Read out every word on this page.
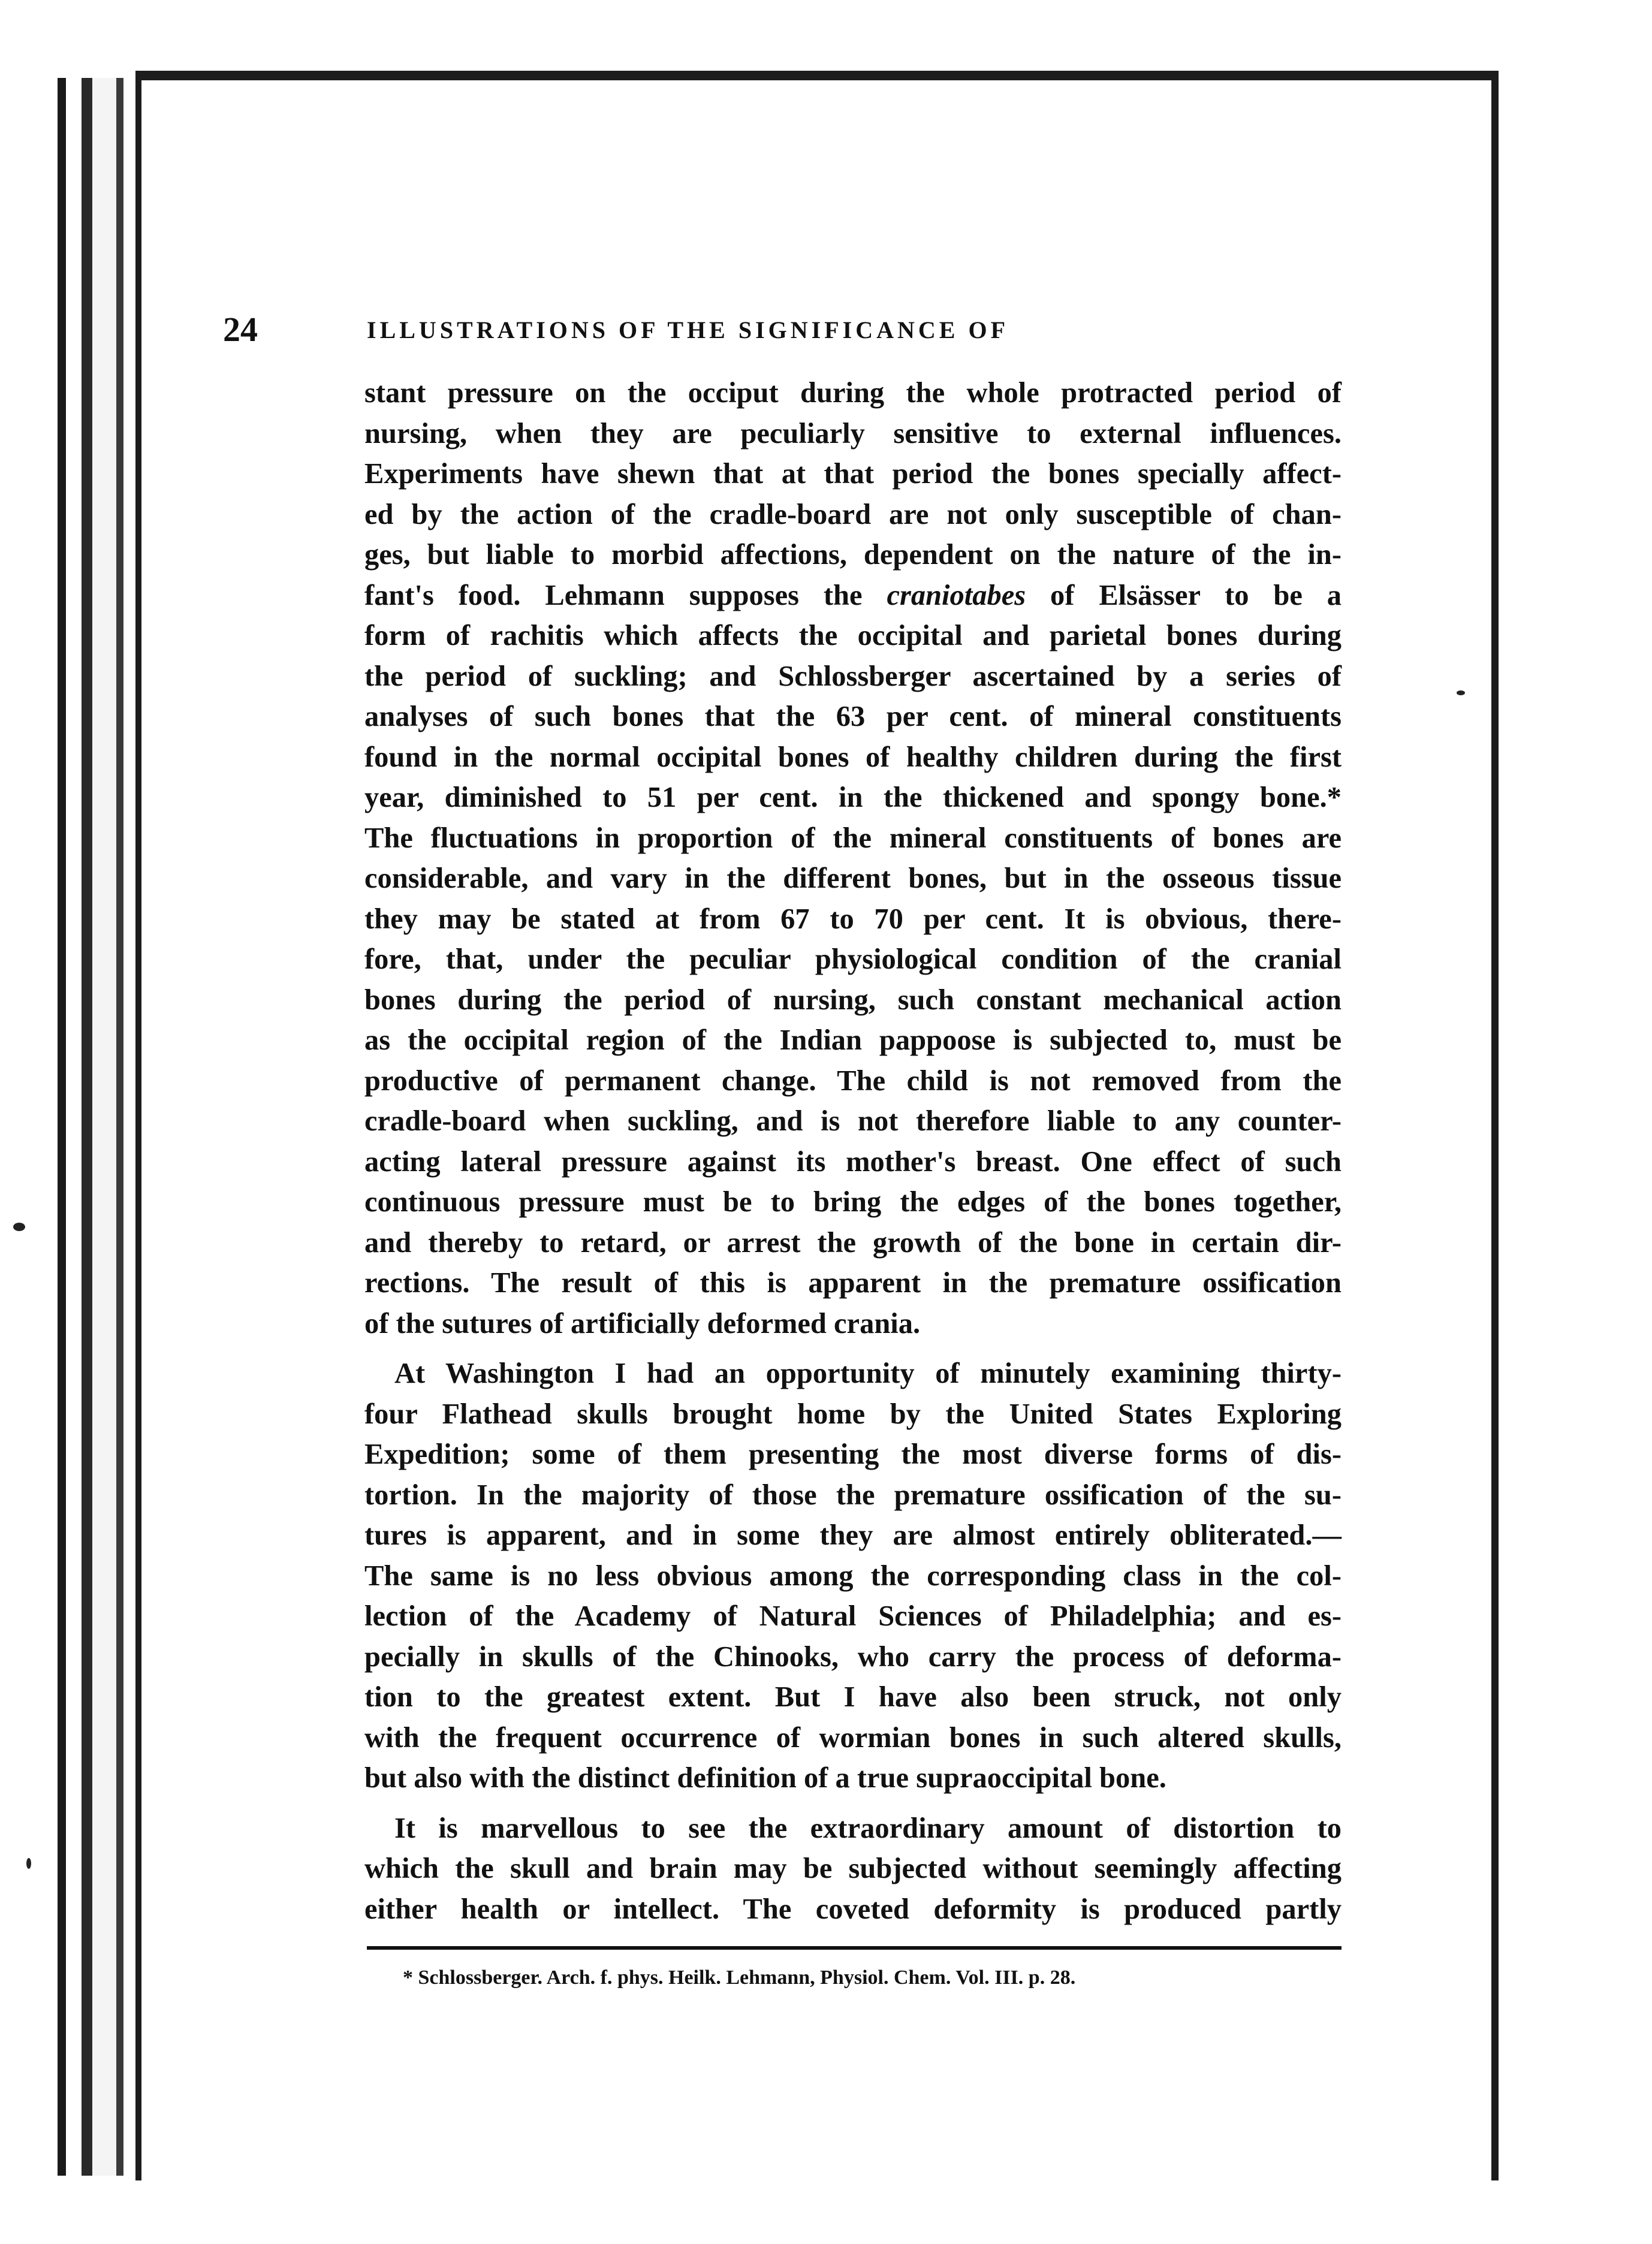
24	ILLUSTRATIONS OF THE SIGNIFICANCE OF
stant pressure on the occiput during the whole protracted period of
nursing, when they are peculiarly sensitive to external influences.
Experiments have shewn that at that period the bones specially affect-
ed by the action of the cradle-board are not only susceptible of chan-
ges, but liable to morbid affections, dependent on the nature of the in-
fant's food. Lehmann supposes the craniotabes of Elsässer to be a
form of rachitis which affects the occipital and parietal bones during
the period of suckling; and Schlossberger ascertained by a series of
analyses of such bones that the 63 per cent. of mineral constituents
found in the normal occipital bones of healthy children during the first
year, diminished to 51 per cent. in the thickened and spongy bone.*
The fluctuations in proportion of the mineral constituents of bones are
considerable, and vary in the different bones, but in the osseous tissue
they may be stated at from 67 to 70 per cent. It is obvious, there-
fore, that, under the peculiar physiological condition of the cranial
bones during the period of nursing, such constant mechanical action
as the occipital region of the Indian pappoose is subjected to, must be
productive of permanent change. The child is not removed from the
cradle-board when suckling, and is not therefore liable to any counter-
acting lateral pressure against its mother's breast. One effect of such
continuous pressure must be to bring the edges of the bones together,
and thereby to retard, or arrest the growth of the bone in certain dir-
rections. The result of this is apparent in the premature ossification
of the sutures of artificially deformed crania.
At Washington I had an opportunity of minutely examining thirty-
four Flathead skulls brought home by the United States Exploring
Expedition; some of them presenting the most diverse forms of dis-
tortion. In the majority of those the premature ossification of the su-
tures is apparent, and in some they are almost entirely obliterated.—
The same is no less obvious among the corresponding class in the col-
lection of the Academy of Natural Sciences of Philadelphia; and es-
pecially in skulls of the Chinooks, who carry the process of deforma-
tion to the greatest extent. But I have also been struck, not only
with the frequent occurrence of wormian bones in such altered skulls,
but also with the distinct definition of a true supraoccipital bone.
It is marvellous to see the extraordinary amount of distortion to
which the skull and brain may be subjected without seemingly affecting
either health or intellect. The coveted deformity is produced partly
* Schlossberger. Arch. f. phys. Heilk. Lehmann, Physiol. Chem. Vol. III. p. 28.
